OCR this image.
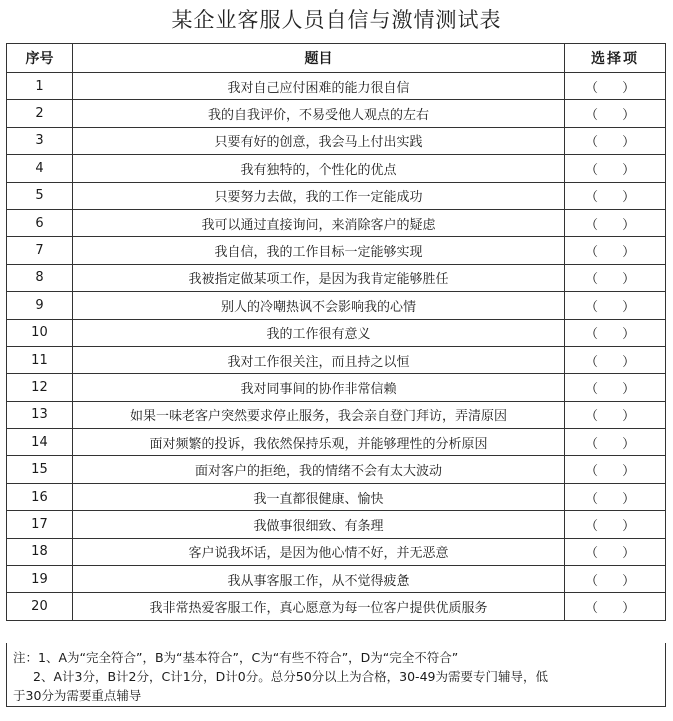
某企业客服人员自信与激情测试表
序号	题目	选择项
1	我对自己应付困难的能力很自信	（ ）
2	我的自我评价，不易受他人观点的左右	（ ）
3	只要有好的创意，我会马上付出实践	（ ）
4	我有独特的，个性化的优点	（ ）
5	只要努力去做，我的工作一定能成功	（ ）
6	我可以通过直接询问，来消除客户的疑虑	（ ）
7	我自信，我的工作目标一定能够实现	（ ）
8	我被指定做某项工作，是因为我肯定能够胜任	（ ）
9	别人的冷嘲热讽不会影响我的心情	（ ）
10	我的工作很有意义	（ ）
11	我对工作很关注，而且持之以恒	（ ）
12	我对同事间的协作非常信赖	（ ）
13	如果一味老客户突然要求停止服务，我会亲自登门拜访，弄清原因	（ ）
14	面对频繁的投诉，我依然保持乐观，并能够理性的分析原因	（ ）
15	面对客户的拒绝，我的情绪不会有太大波动	（ ）
16	我一直都很健康、愉快	（ ）
17	我做事很细致、有条理	（ ）
18	客户说我坏话，是因为他心情不好，并无恶意	（ ）
19	我从事客服工作，从不觉得疲惫	（ ）
20	我非常热爱客服工作，真心愿意为每一位客户提供优质服务	（ ）
注：1、A为“完全符合”，B为“基本符合”，C为“有些不符合”，D为“完全不符合”
2、A计3分，B计2分，C计1分，D计0分。总分50分以上为合格，30-49为需要专门辅导，低
于30分为需要重点辅导
